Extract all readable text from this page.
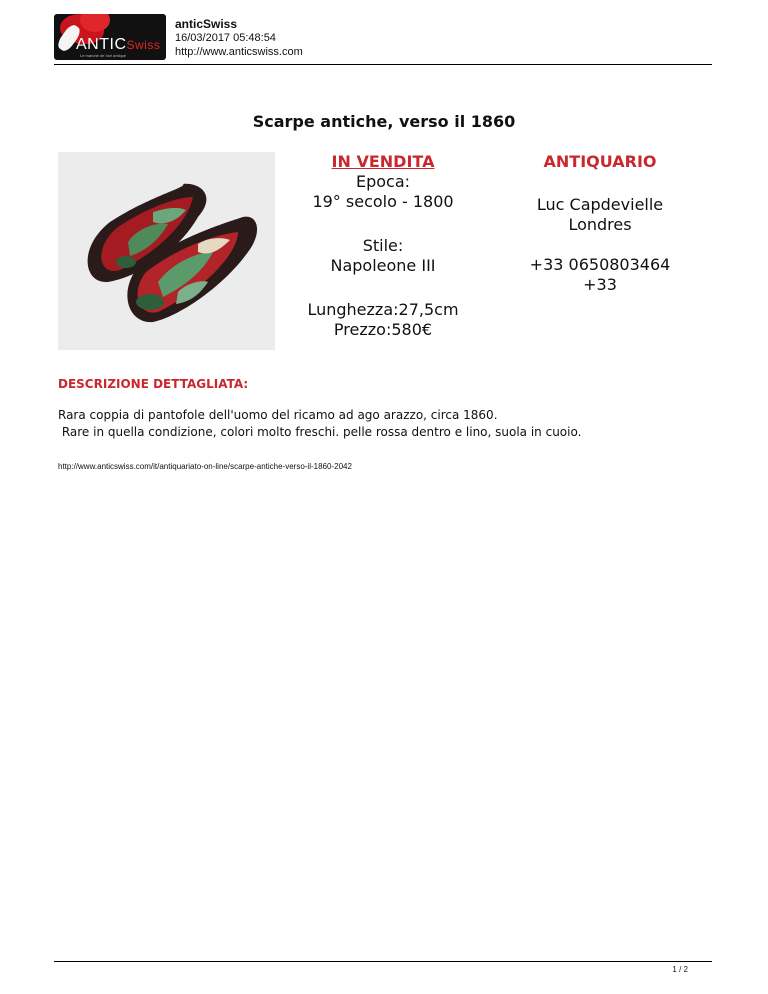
ANTICSwiss
Le marché de l'art antique
anticSwiss
16/03/2017 05:48:54
http://www.anticswiss.com
Scarpe antiche, verso il 1860
IN VENDITA
Epoca:
19° secolo - 1800
Stile:
Napoleone III
Lunghezza:27,5cm
Prezzo:580€
ANTIQUARIO
Luc Capdevielle
Londres
+33 0650803464
+33
DESCRIZIONE DETTAGLIATA:
Rara coppia di pantofole dell'uomo del ricamo ad ago arazzo, circa 1860.
Rare in quella condizione, colori molto freschi. pelle rossa dentro e lino, suola in cuoio.
http://www.anticswiss.com/it/antiquariato-on-line/scarpe-antiche-verso-il-1860-2042
1 / 2
